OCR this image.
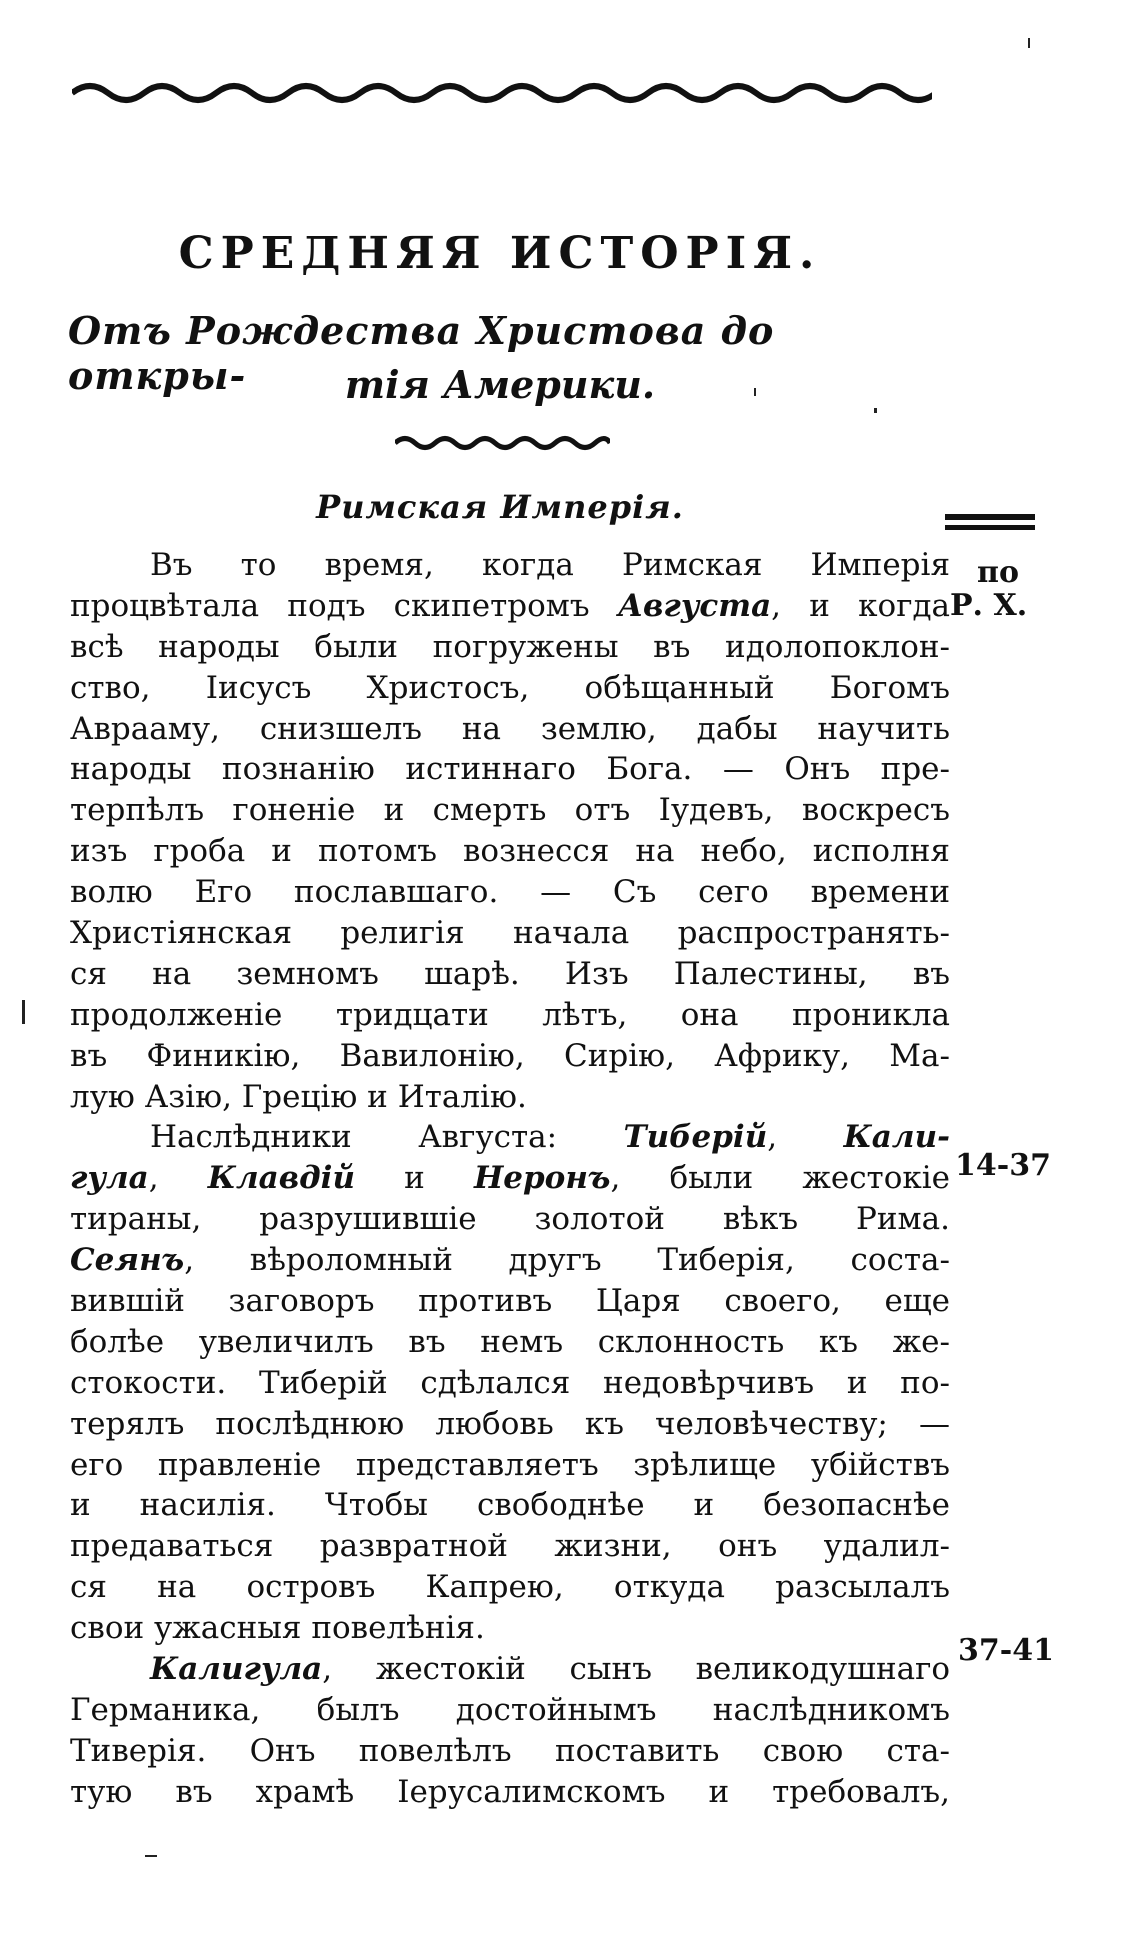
СРЕДНЯЯ ИСТОРІЯ.
Отъ Рождества Христова до откры-	тія Америки.
Римская Имперія.
по
Р. Х.
14-37
37-41
Въ то время, когда Римская Имперія
процвѣтала подъ скипетромъ Августа, и когда
всѣ народы были погружены въ идолопоклон-
ство, Іисусъ Христосъ, обѣщанный Богомъ
Аврааму, снизшелъ на землю, дабы научить
народы познанію истиннаго Бога. — Онъ пре-
терпѣлъ гоненіе и смерть отъ Іудевъ, воскресъ
изъ гроба и потомъ вознесся на небо, исполня
волю Его пославшаго. — Съ сего времени
Христіянская религія начала распространять-
ся на земномъ шарѣ. Изъ Палестины, въ
продолженіе тридцати лѣтъ, она проникла
въ Финикію, Вавилонію, Сирію, Африку, Ма-
лую Азію, Грецію и Италію.
Наслѣдники Августа: Тиберій, Кали-
гула, Клавдій и Неронъ, были жестокіе
тираны, разрушившіе золотой вѣкъ Рима.
Сеянъ, вѣроломный другъ Тиберія, соста-
вившій заговоръ противъ Царя своего, еще
болѣе увеличилъ въ немъ склонность къ же-
стокости. Тиберій сдѣлался недовѣрчивъ и по-
терялъ послѣднюю любовь къ человѣчеству; —
его правленіе представляетъ зрѣлище убійствъ
и насилія. Чтобы свободнѣе и безопаснѣе
предаваться развратной жизни, онъ удалил-
ся на островъ Капрею, откуда разсылалъ
свои ужасныя повелѣнія.
Калигула, жестокій сынъ великодушнаго
Германика, былъ достойнымъ наслѣдникомъ
Тиверія. Онъ повелѣлъ поставить свою ста-
тую въ храмѣ Іерусалимскомъ и требовалъ,
